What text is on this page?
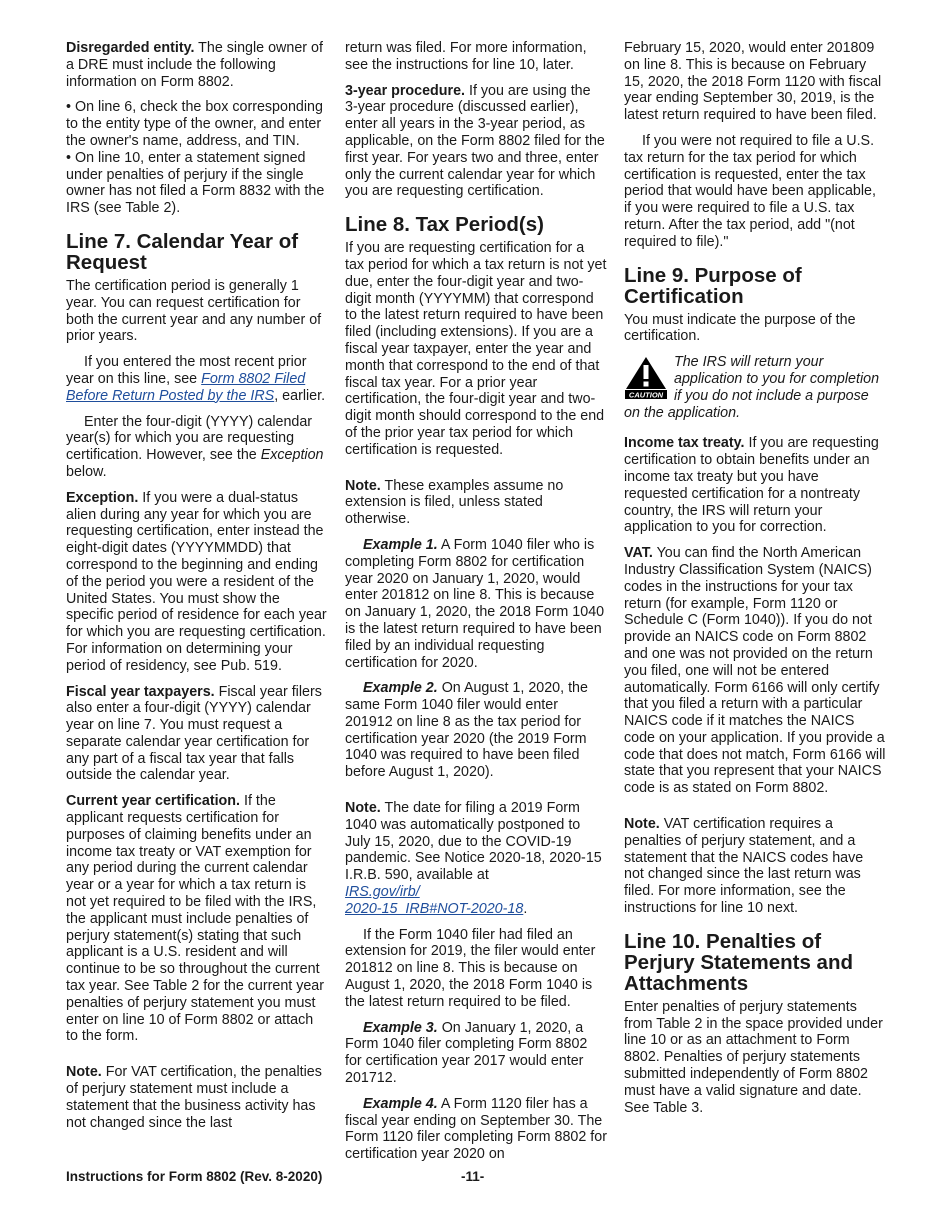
Disregarded entity. The single owner of a DRE must include the following information on Form 8802.

• On line 6, check the box corresponding to the entity type of the owner, and enter the owner's name, address, and TIN.

• On line 10, enter a statement signed under penalties of perjury if the single owner has not filed a Form 8832 with the IRS (see Table 2).

Line 7. Calendar Year of Request

The certification period is generally 1 year. You can request certification for both the current year and any number of prior years.

If you entered the most recent prior year on this line, see Form 8802 Filed Before Return Posted by the IRS, earlier.

Enter the four-digit (YYYY) calendar year(s) for which you are requesting certification. However, see the Exception below.

Exception. If you were a dual-status alien during any year for which you are requesting certification, enter instead the eight-digit dates (YYYYMMDD) that correspond to the beginning and ending of the period you were a resident of the United States. You must show the specific period of residence for each year for which you are requesting certification. For information on determining your period of residency, see Pub. 519.

Fiscal year taxpayers. Fiscal year filers also enter a four-digit (YYYY) calendar year on line 7. You must request a separate calendar year certification for any part of a fiscal tax year that falls outside the calendar year.

Current year certification. If the applicant requests certification for purposes of claiming benefits under an income tax treaty or VAT exemption for any period during the current calendar year or a year for which a tax return is not yet required to be filed with the IRS, the applicant must include penalties of perjury statement(s) stating that such applicant is a U.S. resident and will continue to be so throughout the current tax year. See Table 2 for the current year penalties of perjury statement you must enter on line 10 of Form 8802 or attach to the form.

Note. For VAT certification, the penalties of perjury statement must include a statement that the business activity has not changed since the last

return was filed. For more information, see the instructions for line 10, later.

3-year procedure. If you are using the 3-year procedure (discussed earlier), enter all years in the 3-year period, as applicable, on the Form 8802 filed for the first year. For years two and three, enter only the current calendar year for which you are requesting certification.

Line 8. Tax Period(s)

If you are requesting certification for a tax period for which a tax return is not yet due, enter the four-digit year and two-digit month (YYYYMM) that correspond to the latest return required to have been filed (including extensions). If you are a fiscal year taxpayer, enter the year and month that correspond to the end of that fiscal tax year. For a prior year certification, the four-digit year and two-digit month should correspond to the end of the prior year tax period for which certification is requested.

Note. These examples assume no extension is filed, unless stated otherwise.

Example 1. A Form 1040 filer who is completing Form 8802 for certification year 2020 on January 1, 2020, would enter 201812 on line 8. This is because on January 1, 2020, the 2018 Form 1040 is the latest return required to have been filed by an individual requesting certification for 2020.

Example 2. On August 1, 2020, the same Form 1040 filer would enter 201912 on line 8 as the tax period for certification year 2020 (the 2019 Form 1040 was required to have been filed before August 1, 2020).

Note. The date for filing a 2019 Form 1040 was automatically postponed to July 15, 2020, due to the COVID-19 pandemic. See Notice 2020-18, 2020-15 I.R.B. 590, available at
IRS.gov/irb/
2020-15_IRB#NOT-2020-18.

If the Form 1040 filer had filed an extension for 2019, the filer would enter 201812 on line 8. This is because on August 1, 2020, the 2018 Form 1040 is the latest return required to be filed.

Example 3. On January 1, 2020, a Form 1040 filer completing Form 8802 for certification year 2017 would enter 201712.

Example 4. A Form 1120 filer has a fiscal year ending on September 30. The Form 1120 filer completing Form 8802 for certification year 2020 on

February 15, 2020, would enter 201809 on line 8. This is because on February 15, 2020, the 2018 Form 1120 with fiscal year ending September 30, 2019, is the latest return required to have been filed.

If you were not required to file a U.S. tax return for the tax period for which certification is requested, enter the tax period that would have been applicable, if you were required to file a U.S. tax return. After the tax period, add "(not required to file)."

Line 9. Purpose of Certification

You must indicate the purpose of the certification.

CAUTION
The IRS will return your application to you for completion if you do not include a purpose on the application.

Income tax treaty. If you are requesting certification to obtain benefits under an income tax treaty but you have requested certification for a nontreaty country, the IRS will return your application to you for correction.

VAT. You can find the North American Industry Classification System (NAICS) codes in the instructions for your tax return (for example, Form 1120 or Schedule C (Form 1040)). If you do not provide an NAICS code on Form 8802 and one was not provided on the return you filed, one will not be entered automatically. Form 6166 will only certify that you filed a return with a particular NAICS code if it matches the NAICS code on your application. If you provide a code that does not match, Form 6166 will state that you represent that your NAICS code is as stated on Form 8802.

Note. VAT certification requires a penalties of perjury statement, and a statement that the NAICS codes have not changed since the last return was filed. For more information, see the instructions for line 10 next.

Line 10. Penalties of Perjury Statements and Attachments

Enter penalties of perjury statements from Table 2 in the space provided under line 10 or as an attachment to Form 8802. Penalties of perjury statements submitted independently of Form 8802 must have a valid signature and date. See Table 3.

Instructions for Form 8802 (Rev. 8-2020)	-11-
